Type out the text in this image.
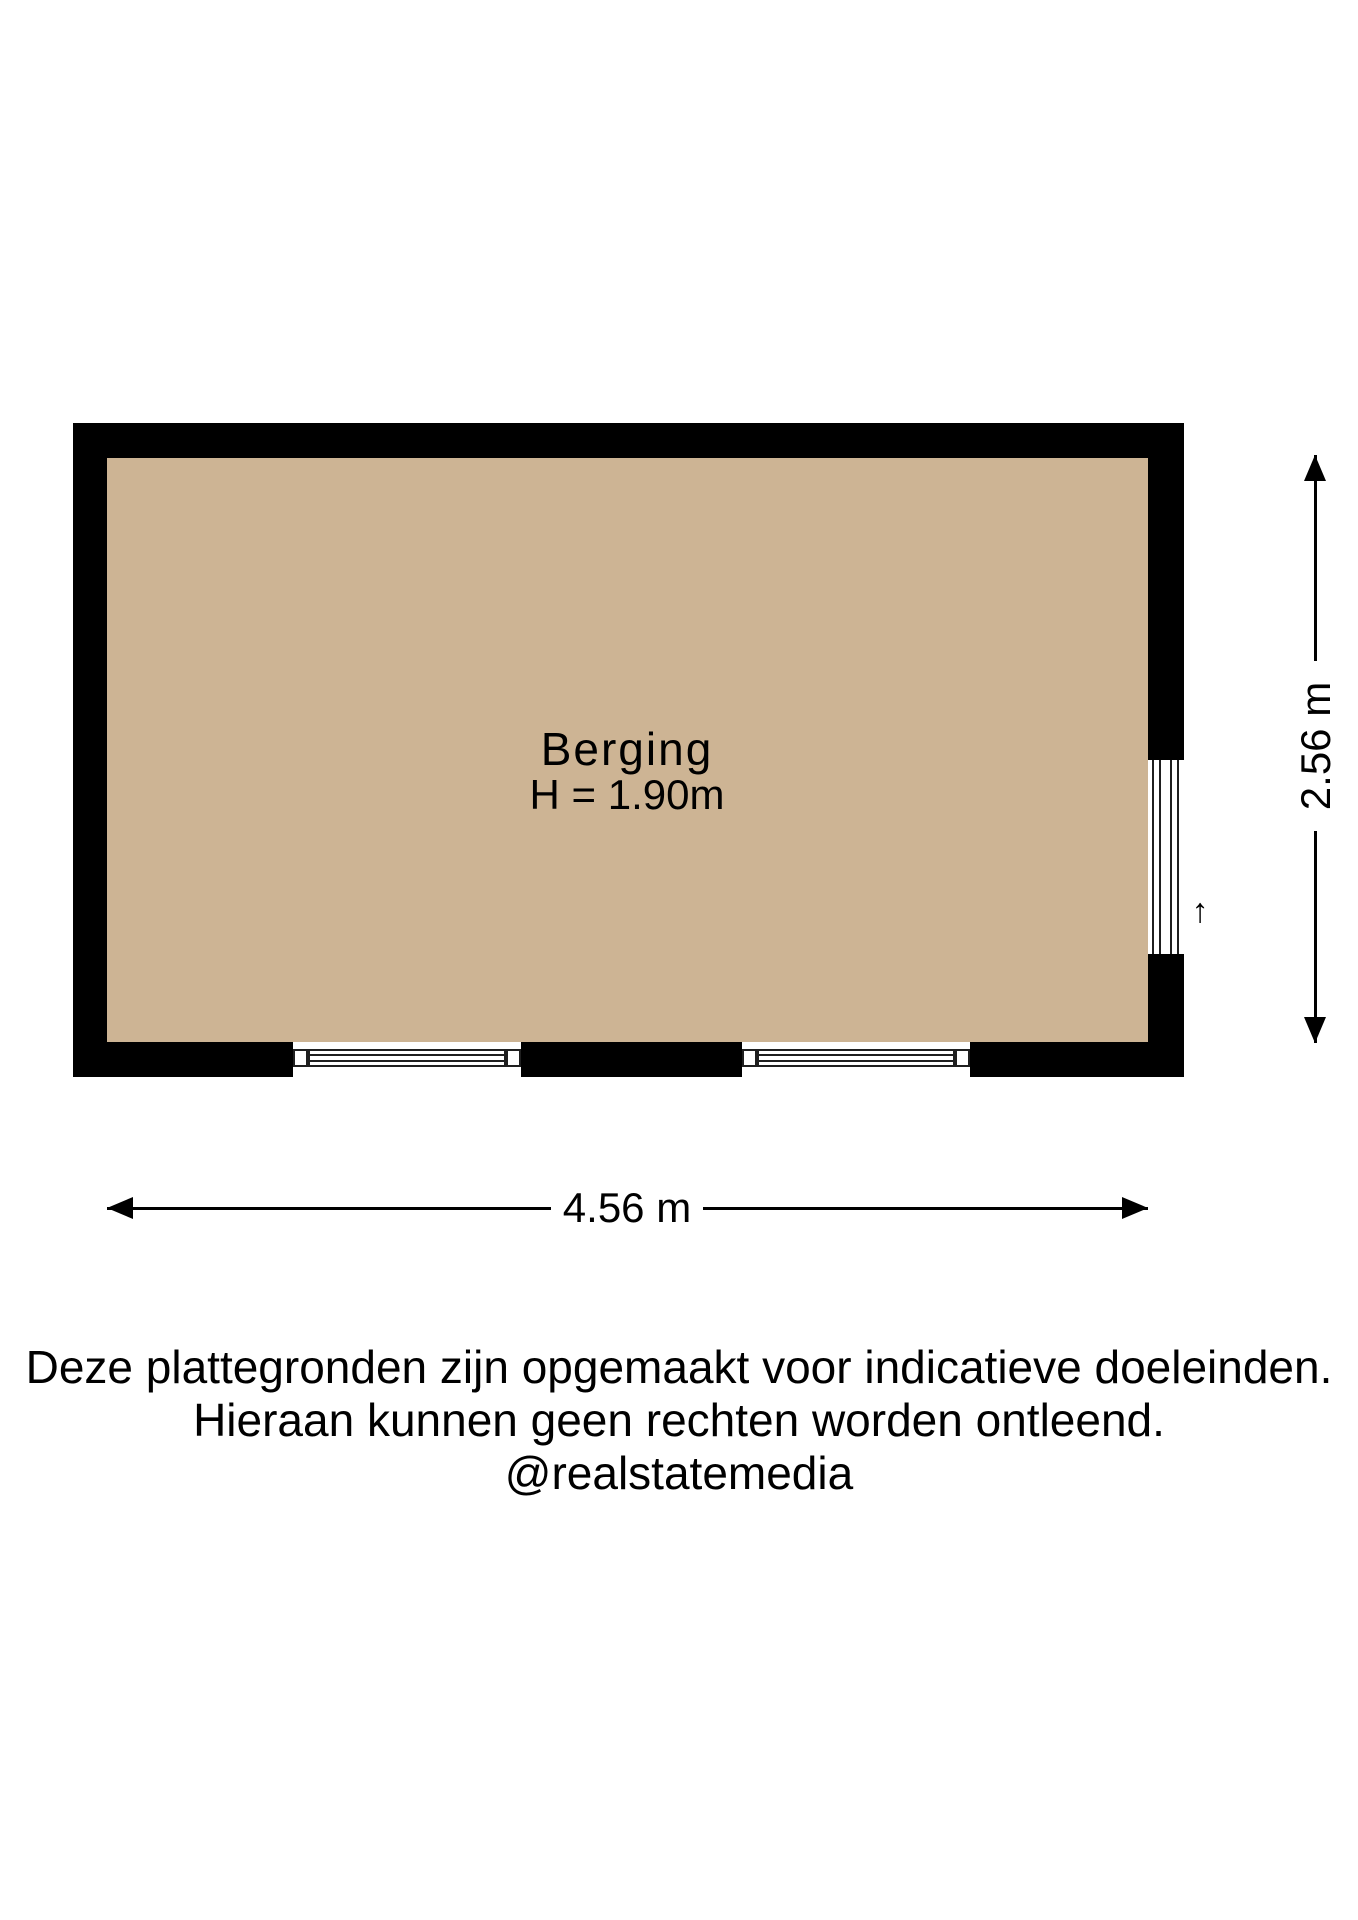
Berging
H = 1.90m
↑
4.56 m
2.56 m
Deze plattegronden zijn opgemaakt voor indicatieve doeleinden.
Hieraan kunnen geen rechten worden ontleend.
@realstatemedia
